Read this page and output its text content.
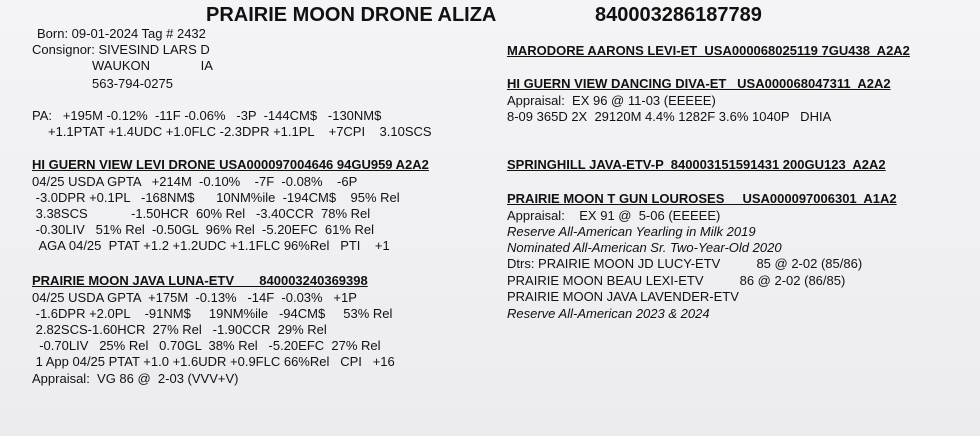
PRAIRIE MOON DRONE ALIZA	840003286187789
Born: 09-01-2024 Tag # 2432
Consignor: SIVESIND LARS D
WAUKON              IA
563-794-0275
PA:   +195M -0.12%  -11F -0.06%   -3P  -144CM$   -130NM$
+1.1PTAT +1.4UDC +1.0FLC -2.3DPR +1.1PL    +7CPI    3.10SCS
HI GUERN VIEW LEVI DRONE USA000097004646 94GU959 A2A2
04/25 USDA GPTA   +214M  -0.10%    -7F  -0.08%    -6P
-3.0DPR +0.1PL   -168NM$      10NM%ile  -194CM$    95% Rel
3.38SCS            -1.50HCR  60% Rel   -3.40CCR  78% Rel
-0.30LIV   51% Rel  -0.50GL  96% Rel  -5.20EFC  61% Rel
AGA 04/25  PTAT +1.2 +1.2UDC +1.1FLC 96%Rel   PTI    +1
PRAIRIE MOON JAVA LUNA-ETV       840003240369398
04/25 USDA GPTA  +175M  -0.13%   -14F  -0.03%   +1P
-1.6DPR +2.0PL    -91NM$     19NM%ile   -94CM$     53% Rel
2.82SCS-1.60HCR  27% Rel   -1.90CCR  29% Rel
-0.70LIV   25% Rel   0.70GL  38% Rel   -5.20EFC  27% Rel
1 App 04/25 PTAT +1.0 +1.6UDR +0.9FLC 66%Rel   CPI   +16
Appraisal:  VG 86 @  2-03 (VVV+V)
MARODORE AARONS LEVI-ET  USA000068025119 7GU438  A2A2
HI GUERN VIEW DANCING DIVA-ET   USA000068047311  A2A2
Appraisal:  EX 96 @ 11-03 (EEEEE)
8-09 365D 2X  29120M 4.4% 1282F 3.6% 1040P   DHIA
SPRINGHILL JAVA-ETV-P  840003151591431 200GU123  A2A2
PRAIRIE MOON T GUN LOUROSES     USA000097006301  A1A2
Appraisal:    EX 91 @  5-06 (EEEEE)
Reserve All-American Yearling in Milk 2019
Nominated All-American Sr. Two-Year-Old 2020
Dtrs: PRAIRIE MOON JD LUCY-ETV          85 @ 2-02 (85/86)
PRAIRIE MOON BEAU LEXI-ETV          86 @ 2-02 (86/85)
PRAIRIE MOON JAVA LAVENDER-ETV
Reserve All-American 2023 & 2024
